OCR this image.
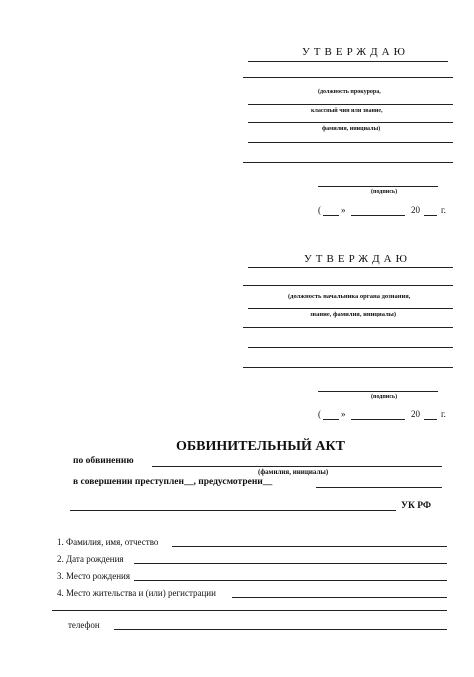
УТВЕРЖДАЮ
(должность прокурора,
классный чин или звание,
фамилия, инициалы)
(подпись)
( »	20 г.
УТВЕРЖДАЮ
(должность начальника органа дознания,
звание, фамилия, инициалы)
(подпись)
( »	20 г.
ОБВИНИТЕЛЬНЫЙ АКТ
по обвинению
(фамилия, инициалы)
в совершении преступлен__, предусмотрени__
УК РФ
1. Фамилия, имя, отчество
2. Дата рождения
3. Место рождения
4. Место жительства и (или) регистрации
телефон
